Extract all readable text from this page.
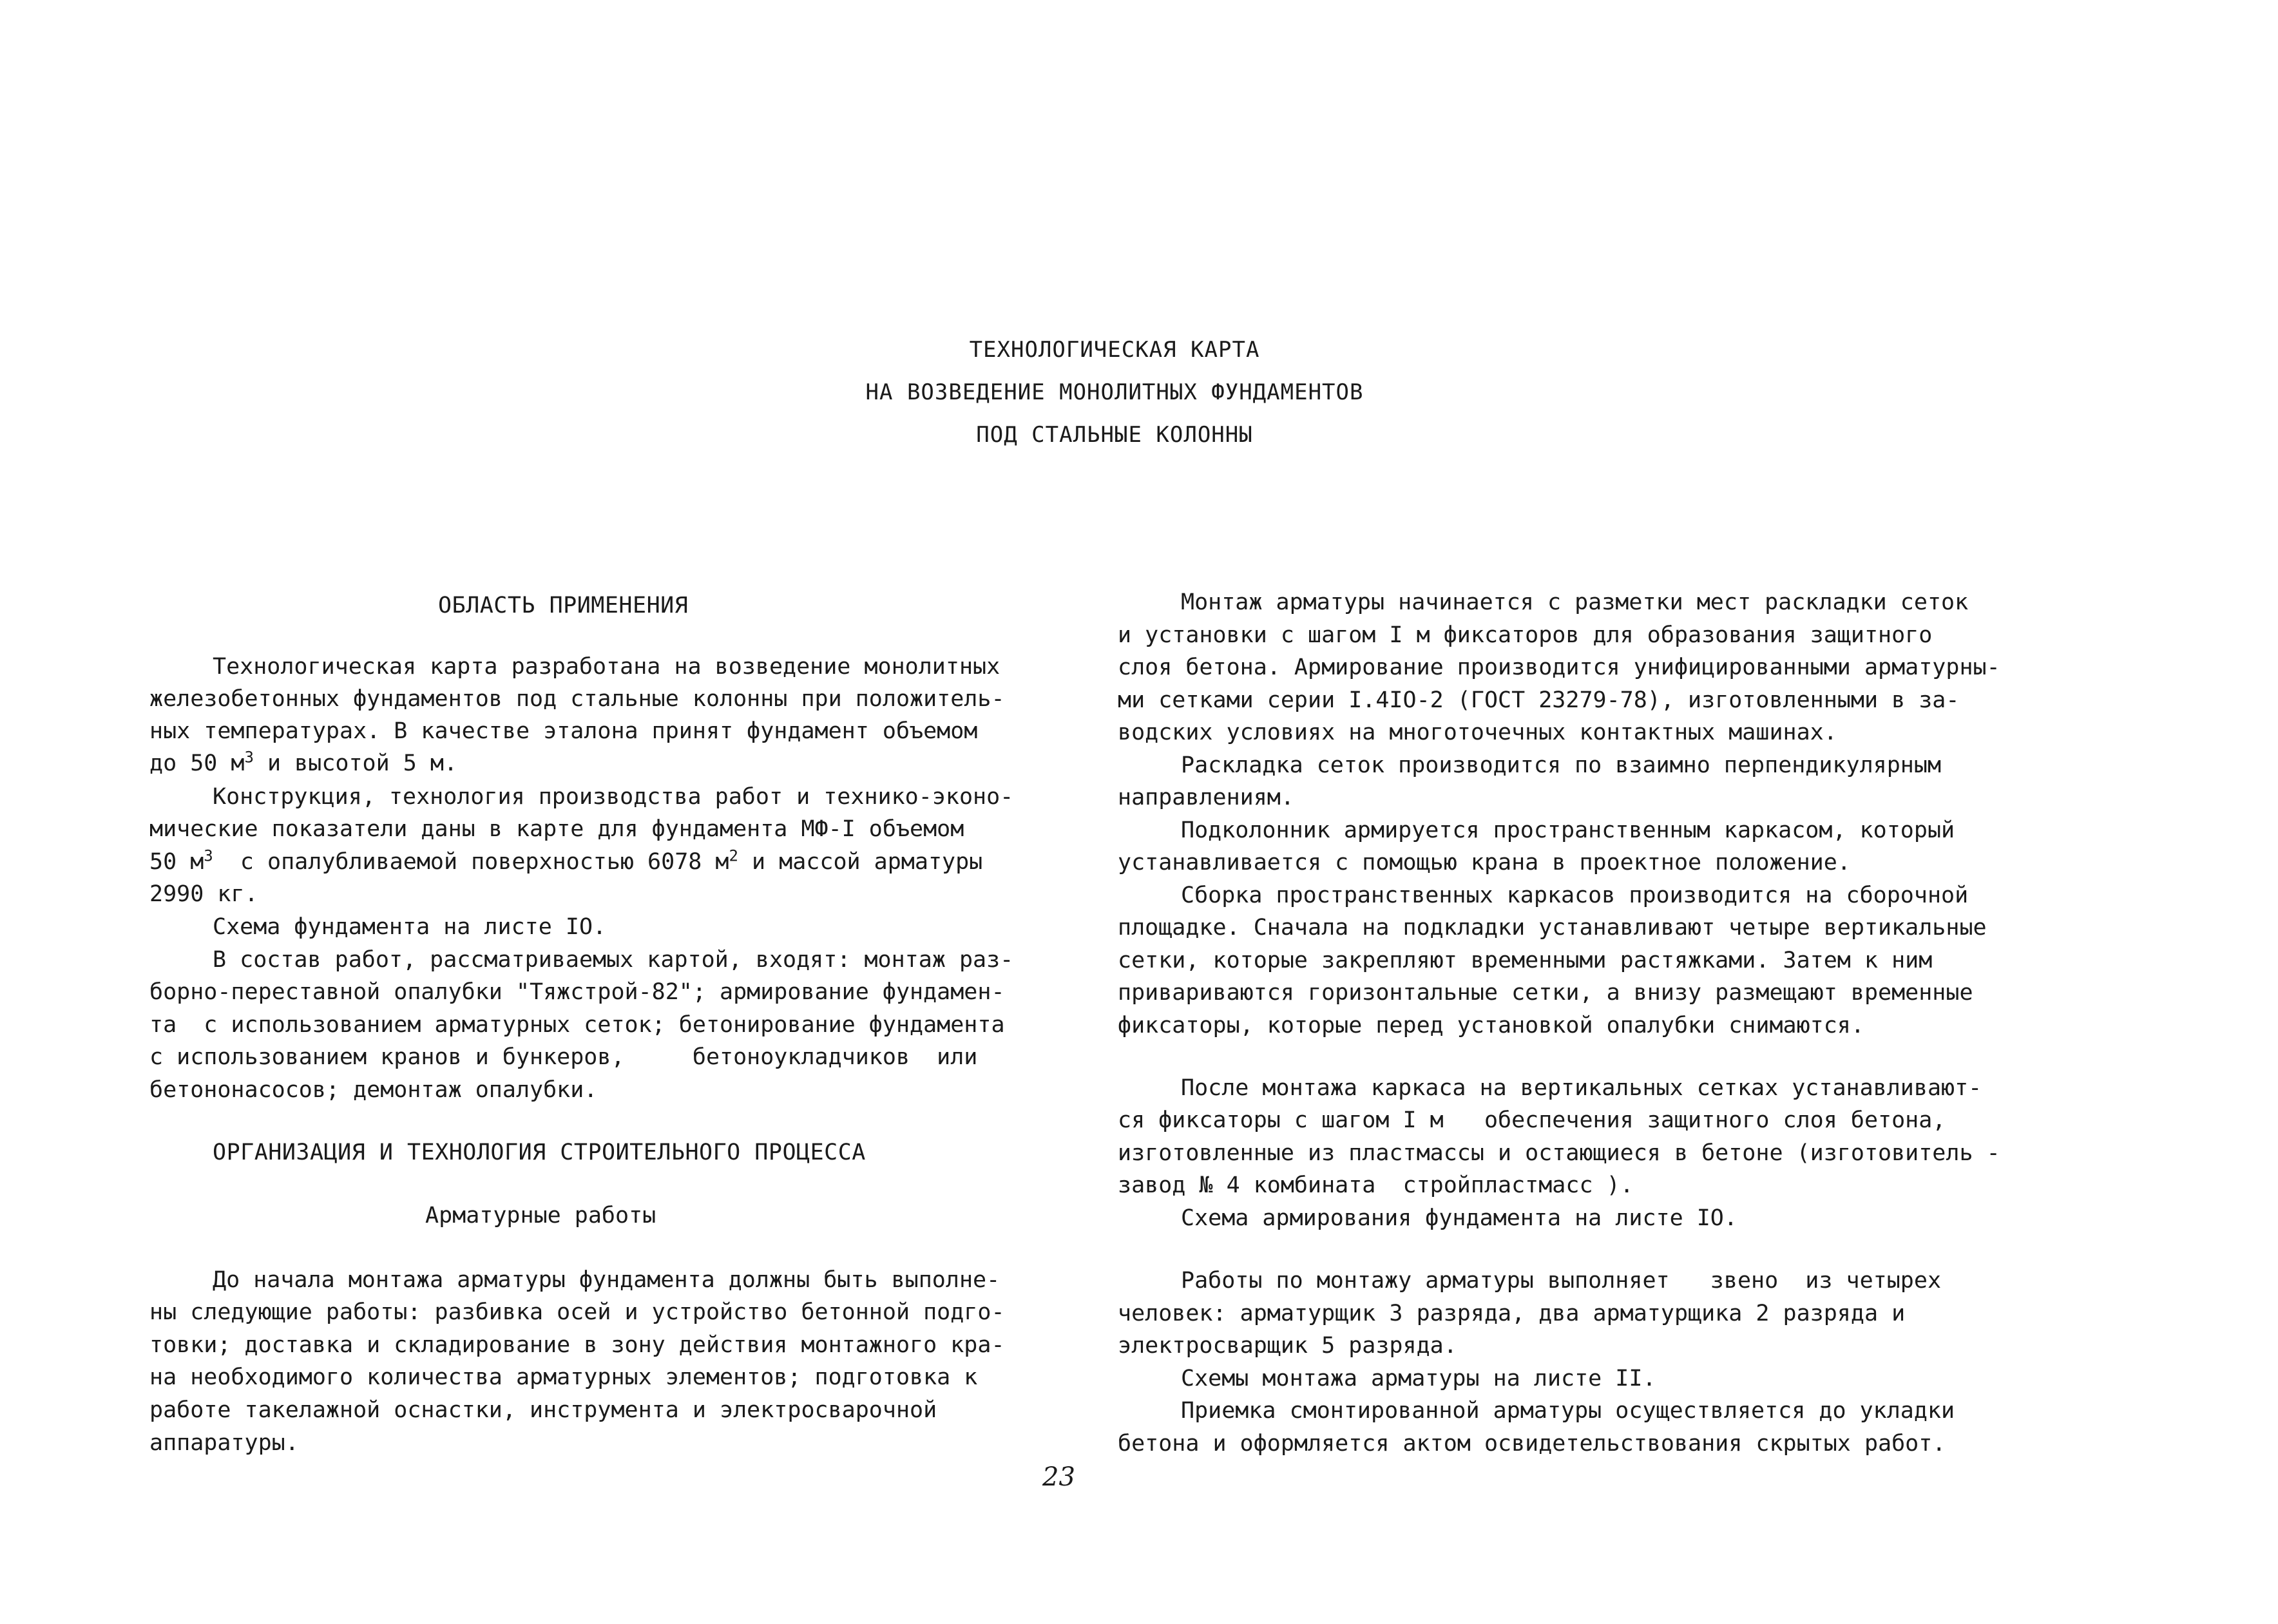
ТЕХНОЛОГИЧЕСКАЯ КАРТА
НА ВОЗВЕДЕНИЕ МОНОЛИТНЫХ ФУНДАМЕНТОВ
ПОД СТАЛЬНЫЕ КОЛОННЫ
ОБЛАСТЬ ПРИМЕНЕНИЯ
Технологическая карта разработана на возведение монолитных
железобетонных фундаментов под стальные колонны при положитель-
ных температурах. В качестве эталона принят фундамент объемом
до 50 $м^3$ и высотой 5 м.
Конструкция, технология производства работ и технико-эконо-
мические показатели даны в карте для фундамента МФ-I объемом
50 $м^3$  с опалубливаемой поверхностью 6078 $м^2$ и массой арматуры
2990 кг.
Схема фундамента на листе IO.
В состав работ, рассматриваемых картой, входят: монтаж раз-
борно-переставной опалубки "Тяжстрой-82"; армирование фундамен-
та  с использованием арматурных сеток; бетонирование фундамента
с использованием кранов и бункеров,     бетоноукладчиков  или
бетононасосов; демонтаж опалубки.
ОРГАНИЗАЦИЯ И ТЕХНОЛОГИЯ СТРОИТЕЛЬНОГО ПРОЦЕССА
Арматурные работы
До начала монтажа арматуры фундамента должны быть выполне-
ны следующие работы: разбивка осей и устройство бетонной подго-
товки; доставка и складирование в зону действия монтажного кра-
на необходимого количества арматурных элементов; подготовка к
работе такелажной оснастки, инструмента и электросварочной
аппаратуры.
Монтаж арматуры начинается с разметки мест раскладки сеток
и установки с шагом I м фиксаторов для образования защитного
слоя бетона. Армирование производится унифицированными арматурны-
ми сетками серии I.4IO-2 (ГОСТ 23279-78), изготовленными в за-
водских условиях на многоточечных контактных машинах.
Раскладка сеток производится по взаимно перпендикулярным
направлениям.
Подколонник армируется пространственным каркасом, который
устанавливается с помощью крана в проектное положение.
Сборка пространственных каркасов производится на сборочной
площадке. Сначала на подкладки устанавливают четыре вертикальные
сетки, которые закрепляют временными растяжками. Затем к ним
привариваются горизонтальные сетки, а внизу размещают временные
фиксаторы, которые перед установкой опалубки снимаются.
После монтажа каркаса на вертикальных сетках устанавливают-
ся фиксаторы с шагом I м   обеспечения защитного слоя бетона,
изготовленные из пластмассы и остающиеся в бетоне (изготовитель -
завод № 4 комбината  стройпластмасс ).
Схема армирования фундамента на листе IO.
Работы по монтажу арматуры выполняет   звено  из четырех
человек: арматурщик 3 разряда, два арматурщика 2 разряда и
электросварщик 5 разряда.
Схемы монтажа арматуры на листе II.
Приемка смонтированной арматуры осуществляется до укладки
бетона и оформляется актом освидетельствования скрытых работ.
23
